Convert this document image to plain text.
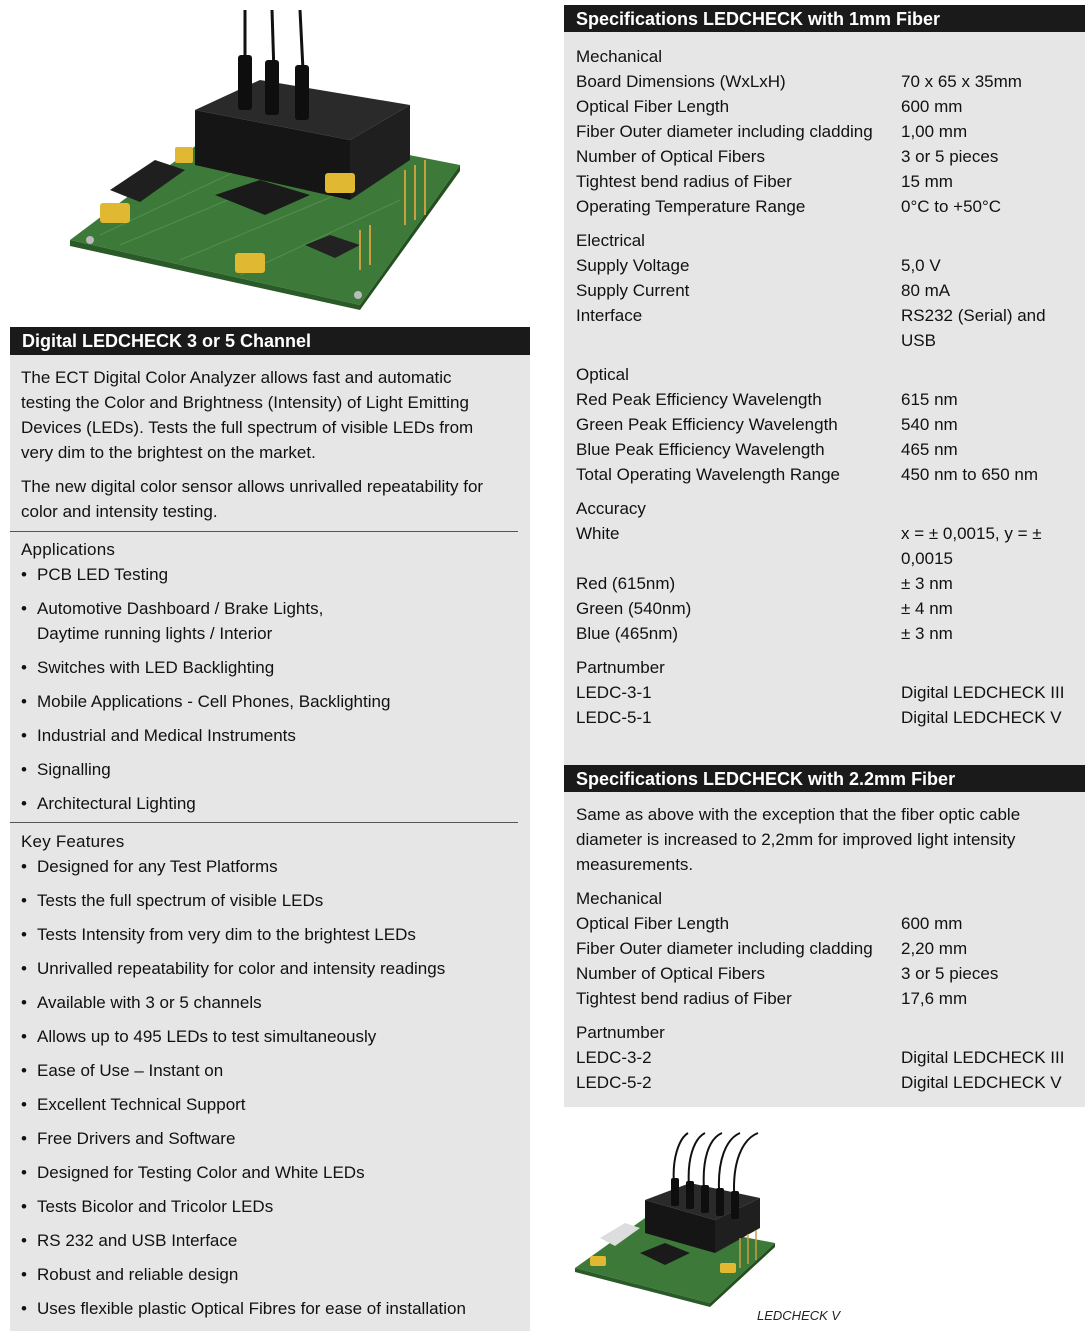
Digital LEDCHECK 3 or 5 Channel
The ECT Digital Color Analyzer allows fast and automatic testing the Color and Brightness (Intensity) of Light Emitting Devices (LEDs). Tests the full spectrum of visible LEDs from very dim to the brightest on the market.
The new digital color sensor allows unrivalled repeatability for color and intensity testing.
Applications
• PCB LED Testing
• Automotive Dashboard / Brake Lights, Daytime running lights / Interior
• Switches with LED Backlighting
• Mobile Applications - Cell Phones, Backlighting
• Industrial and Medical Instruments
• Signalling
• Architectural Lighting
Key Features
• Designed for any Test Platforms
• Tests the full spectrum of visible LEDs
• Tests Intensity from very dim to the brightest LEDs
• Unrivalled repeatability for color and intensity readings
• Available with 3 or 5 channels
• Allows up to 495 LEDs to test simultaneously
• Ease of Use – Instant on
• Excellent Technical Support
• Free Drivers and Software
• Designed for Testing Color and White LEDs
• Tests Bicolor and Tricolor LEDs
• RS 232 and USB Interface
• Robust and reliable design
• Uses flexible plastic Optical Fibres for ease of installation
Specifications LEDCHECK with 1mm Fiber
Mechanical
Board Dimensions (WxLxH)	70 x 65 x 35mm
Optical Fiber Length	600 mm
Fiber Outer diameter including cladding	1,00 mm
Number of Optical Fibers	3 or 5 pieces
Tightest bend radius of Fiber	15 mm
Operating Temperature Range	0°C to +50°C
Electrical
Supply Voltage	5,0 V
Supply Current	80 mA
Interface	RS232 (Serial) and USB
Optical
Red Peak Efficiency Wavelength	615 nm
Green Peak Efficiency Wavelength	540 nm
Blue Peak Efficiency Wavelength	465 nm
Total Operating Wavelength Range	450 nm to 650 nm
Accuracy
White	x = ± 0,0015, y = ± 0,0015
Red (615nm)	± 3 nm
Green (540nm)	± 4 nm
Blue (465nm)	± 3 nm
Partnumber
LEDC-3-1	Digital LEDCHECK III
LEDC-5-1	Digital LEDCHECK V
Specifications LEDCHECK with 2.2mm Fiber
Same as above with the exception that the fiber optic cable diameter is increased to 2,2mm for improved light intensity measurements.
Mechanical
Optical Fiber Length	600 mm
Fiber Outer diameter including cladding	2,20 mm
Number of Optical Fibers	3 or 5 pieces
Tightest bend radius of Fiber	17,6 mm
Partnumber
LEDC-3-2	Digital LEDCHECK III
LEDC-5-2	Digital LEDCHECK V
LEDCHECK V
